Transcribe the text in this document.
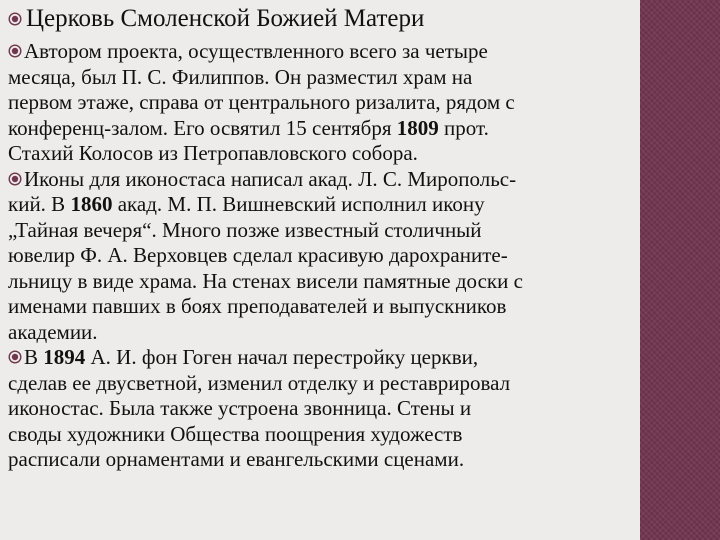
Церковь Смоленской Божией Матери
Автором проекта, осуществленного всего за четыре
месяца, был П. С. Филиппов. Он разместил храм на
первом этаже, справа от центрального ризалита, рядом с
конференц-залом. Его освятил 15 сентября 1809 прот.
Стахий Колосов из Петропавловского собора.
Иконы для иконостаса написал акад. Л. С. Миропольс-
кий. В 1860 акад. М. П. Вишневский исполнил икону
„Тайная вечеря“. Много позже известный столичный
ювелир Ф. А. Верховцев сделал красивую дарохраните-
льницу в виде храма. На стенах висели памятные доски с
именами павших в боях преподавателей и выпускников
академии.
В 1894 А. И. фон Гоген начал перестройку церкви,
сделав ее двусветной, изменил отделку и реставрировал
иконостас. Была также устроена звонница. Стены и
своды художники Общества поощрения художеств
расписали орнаментами и евангельскими сценами.
